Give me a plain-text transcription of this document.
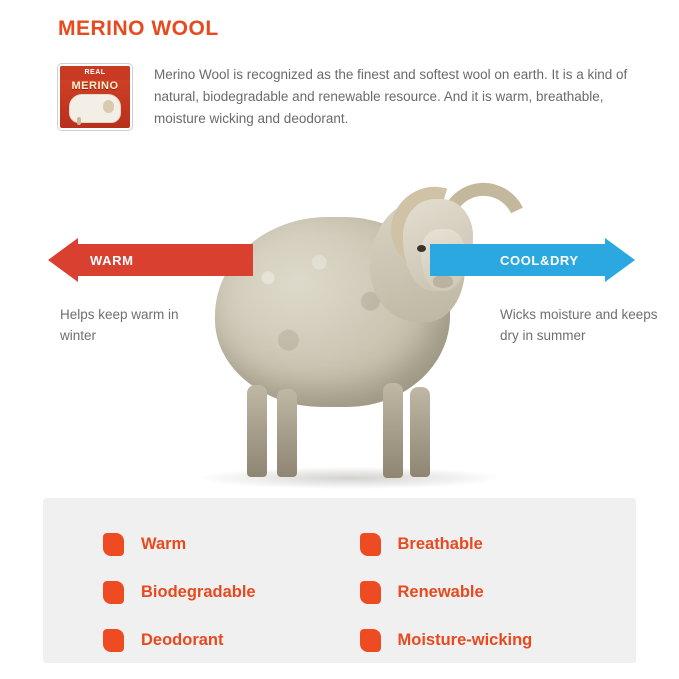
MERINO WOOL
REAL
MERINO
Merino Wool is recognized as the finest and softest wool on earth. It is a kind of natural, biodegradable and renewable resource. And it is warm, breathable, moisture wicking and deodorant.
WARM	COOL&DRY
Helps keep warm in winter
Wicks moisture and keeps dry in summer
Warm	Breathable
Biodegradable	Renewable
Deodorant	Moisture-wicking
